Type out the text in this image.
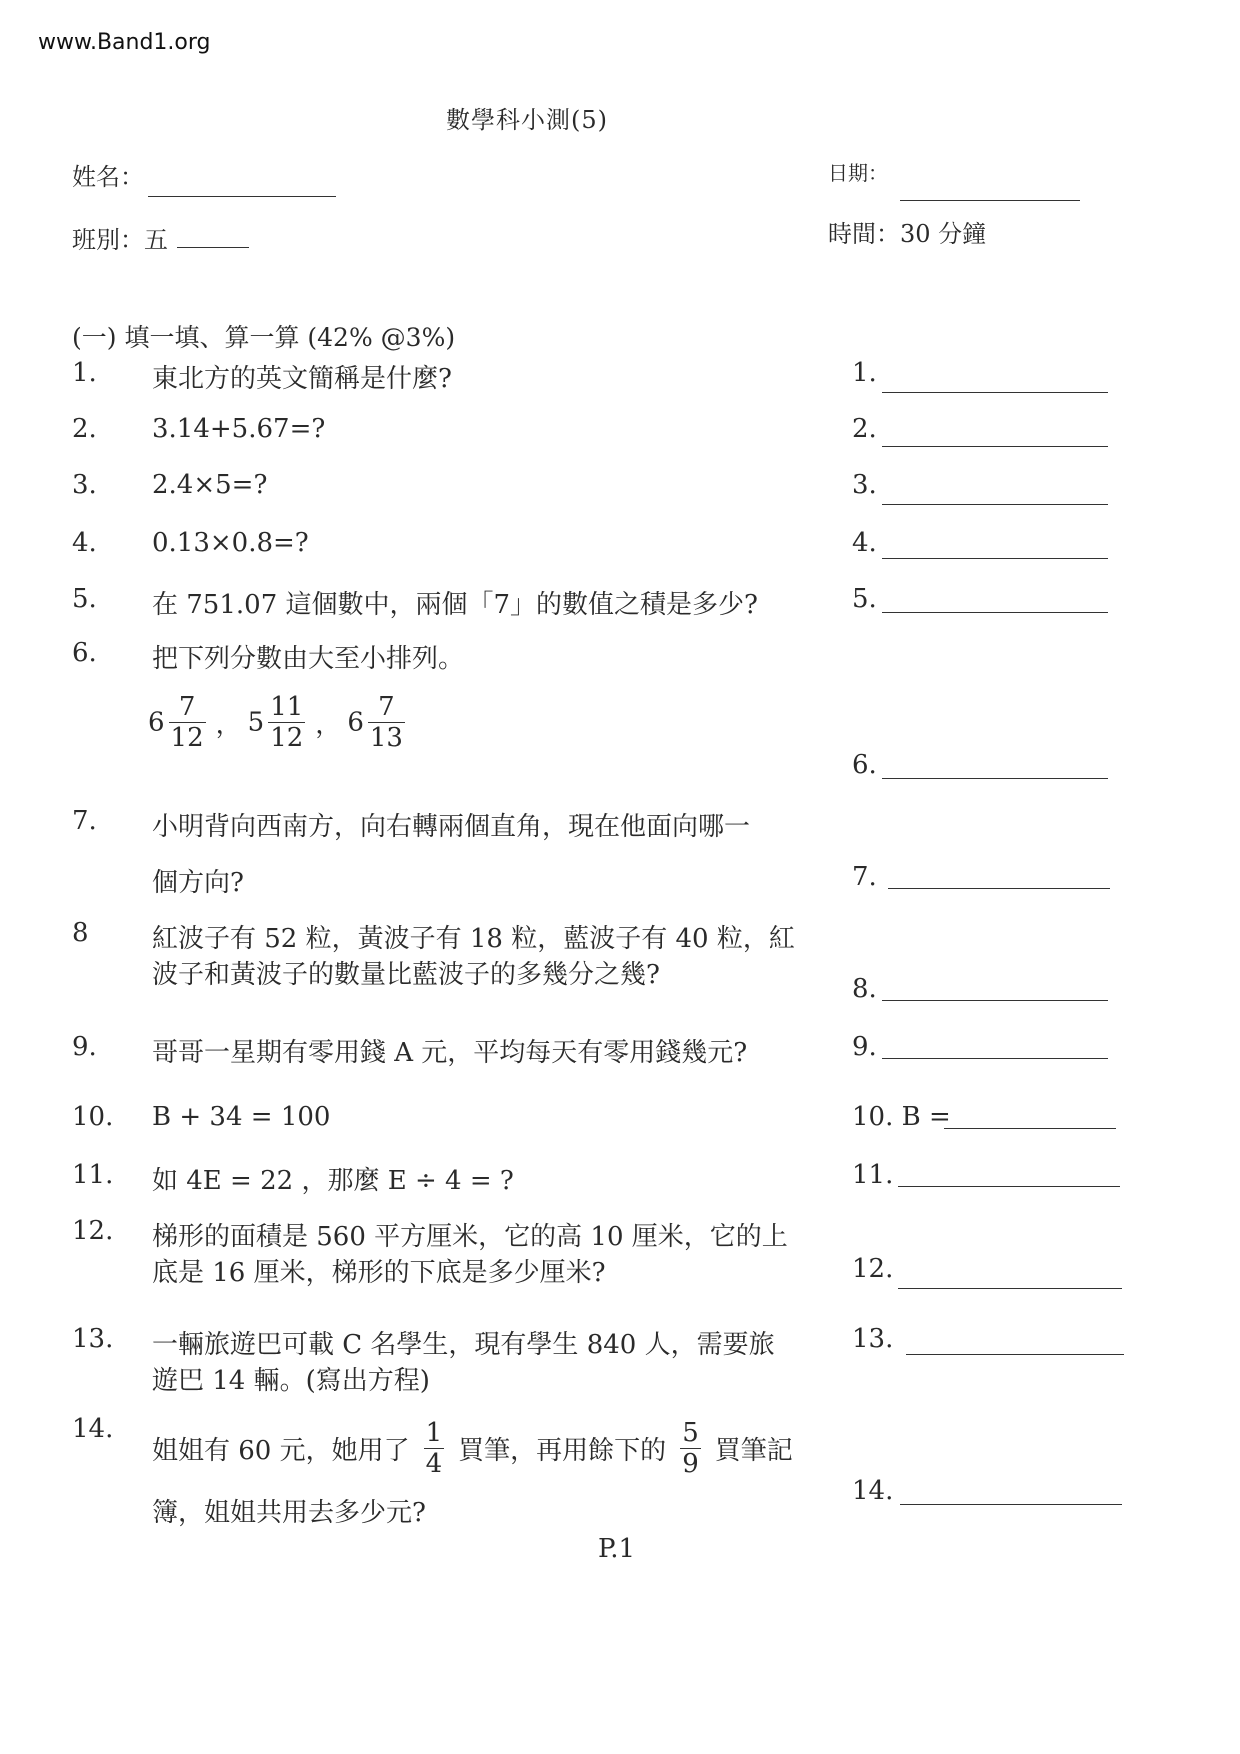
www.Band1.org
數學科小測(5)
姓名：	日期：
班別：五	時間：30 分鐘
(一) 填一填、算一算 (42% @3%)
1. 東北方的英文簡稱是什麼?	1.
2. 3.14+5.67=?	2.
3. 2.4×5=?	3.
4. 0.13×0.8=?	4.
5. 在 751.07 這個數中，兩個「7」的數值之積是多少?	5.
6. 把下列分數由大至小排列。
$6 \frac{7}{12}$ ， $5 \frac{11}{12}$ ， $6 \frac{7}{13}$
6.
7. 小明背向西南方，向右轉兩個直角，現在他面向哪一
個方向?	7.
8 紅波子有 52 粒，黃波子有 18 粒，藍波子有 40 粒，紅
波子和黃波子的數量比藍波子的多幾分之幾?	8.
9. 哥哥一星期有零用錢 A 元，平均每天有零用錢幾元?	9.
10. B + 34 = 100	10. B =
11. 如 4E = 22 ，那麼 E ÷ 4 = ?	11.
12. 梯形的面積是 560 平方厘米，它的高 10 厘米，它的上
底是 16 厘米，梯形的下底是多少厘米?	12.
13. 一輛旅遊巴可載 C 名學生，現有學生 840 人，需要旅
遊巴 14 輛。(寫出方程)
13.
14.
姐姐有 60 元，她用了 $\frac{1}{4}$ 買筆，再用餘下的 $\frac{5}{9}$ 買筆記
簿，姐姐共用去多少元?
14.
P.1
